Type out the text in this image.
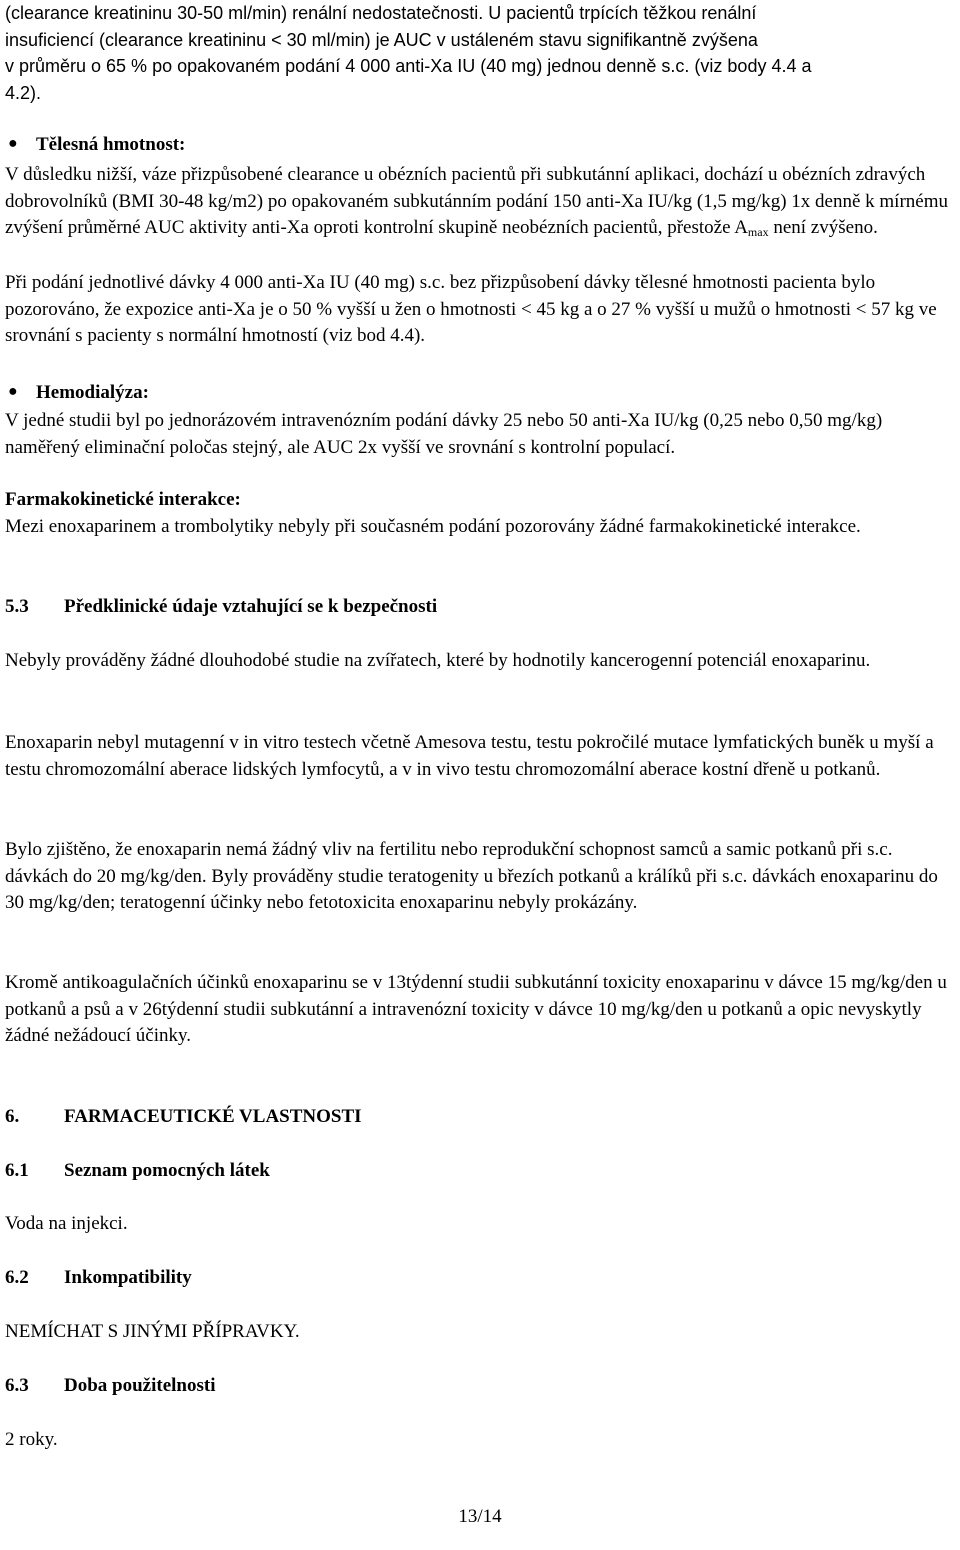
(clearance kreatininu 30-50 ml/min) renální nedostatečnosti. U pacientů trpících těžkou renální
insuficiencí (clearance kreatininu < 30 ml/min) je AUC v ustáleném stavu signifikantně zvýšena
v průměru o 65 % po opakovaném podání 4 000 anti-Xa IU (40 mg) jednou denně s.c. (viz body 4.4 a
4.2).
● Tělesná hmotnost:
V důsledku nižší, váze přizpůsobené clearance u obézních pacientů při subkutánní aplikaci, dochází u obézních zdravých dobrovolníků (BMI 30-48 kg/m2) po opakovaném subkutánním podání 150 anti-Xa IU/kg (1,5 mg/kg) 1x denně k mírnému zvýšení průměrné AUC aktivity anti-Xa oproti kontrolní skupině neobézních pacientů, přestože $A_{max}$ není zvýšeno.
Při podání jednotlivé dávky 4 000 anti-Xa IU (40 mg) s.c. bez přizpůsobení dávky tělesné hmotnosti pacienta bylo pozorováno, že expozice anti-Xa je o 50 % vyšší u žen o hmotnosti < 45 kg a o 27 % vyšší u mužů o hmotnosti < 57 kg ve srovnání s pacienty s normální hmotností (viz bod 4.4).
● Hemodialýza:
V jedné studii byl po jednorázovém intravenózním podání dávky 25 nebo 50 anti-Xa IU/kg (0,25 nebo 0,50 mg/kg) naměřený eliminační poločas stejný, ale AUC 2x vyšší ve srovnání s kontrolní populací.
Farmakokinetické interakce:
Mezi enoxaparinem a trombolytiky nebyly při současném podání pozorovány žádné farmakokinetické interakce.
5.3 Předklinické údaje vztahující se k bezpečnosti
Nebyly prováděny žádné dlouhodobé studie na zvířatech, které by hodnotily kancerogenní potenciál enoxaparinu.
Enoxaparin nebyl mutagenní v in vitro testech včetně Amesova testu, testu pokročilé mutace lymfatických buněk u myší a testu chromozomální aberace lidských lymfocytů, a v in vivo testu chromozomální aberace kostní dřeně u potkanů.
Bylo zjištěno, že enoxaparin nemá žádný vliv na fertilitu nebo reprodukční schopnost samců a samic potkanů při s.c. dávkách do 20 mg/kg/den. Byly prováděny studie teratogenity u březích potkanů a králíků při s.c. dávkách enoxaparinu do 30 mg/kg/den; teratogenní účinky nebo fetotoxicita enoxaparinu nebyly prokázány.
Kromě antikoagulačních účinků enoxaparinu se v 13týdenní studii subkutánní toxicity enoxaparinu v dávce 15 mg/kg/den u potkanů a psů a v 26týdenní studii subkutánní a intravenózní toxicity v dávce 10 mg/kg/den u potkanů a opic nevyskytly žádné nežádoucí účinky.
6. FARMACEUTICKÉ VLASTNOSTI
6.1 Seznam pomocných látek
Voda na injekci.
6.2 Inkompatibility
NEMÍCHAT S JINÝMI PŘÍPRAVKY.
6.3 Doba použitelnosti
2 roky.
13/14
